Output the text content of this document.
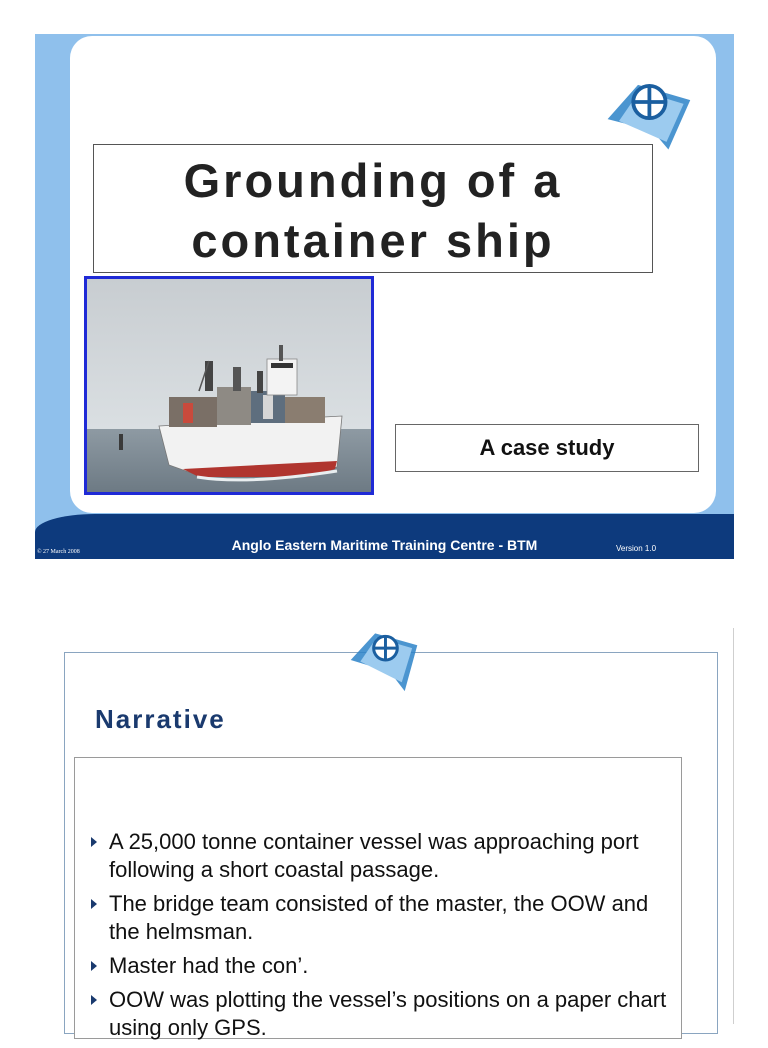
Anglo Eastern Maritime Training Centre - BTM
© 27 March 2008	Version 1.0
Grounding of a
container ship
A case study
Narrative
A 25,000 tonne container vessel was approaching port following a short coastal passage.
The bridge team consisted of the master, the OOW and the helmsman.
Master had the con’.
OOW was plotting the vessel’s positions on a paper chart using only GPS.
